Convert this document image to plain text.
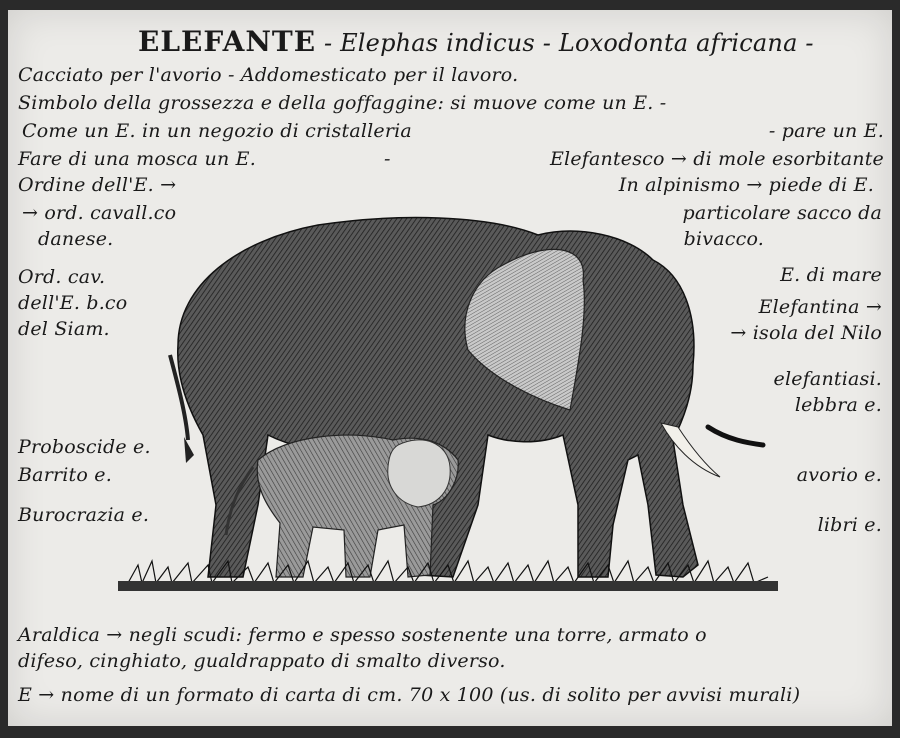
ELEFANTE - Elephas indicus - Loxodonta africana -
Cacciato per l'avorio - Addomesticato per il lavoro.
Simbolo della grossezza e della goffaggine: si muove come un E. -
Come un E. in un negozio di cristalleria	- pare un E.
Fare di una mosca un E.	-	Elefantesco → di mole esorbitante
Ordine dell'E. →	In alpinismo → piede di E.
→ ord. cavall.co	particolare sacco da
danese.	bivacco.
Ord. cav.
dell'E. b.co
del Siam.
Proboscide e.
Barrito e.
Burocrazia e.
E. di mare
Elefantina →
→ isola del Nilo
elefantiasi.
lebbra e.
avorio e.
libri e.
Araldica → negli scudi: fermo e spesso sostenente una torre, armato o
difeso, cinghiato, gualdrappato di smalto diverso.
E → nome di un formato di carta di cm. 70 x 100 (us. di solito per avvisi murali)
